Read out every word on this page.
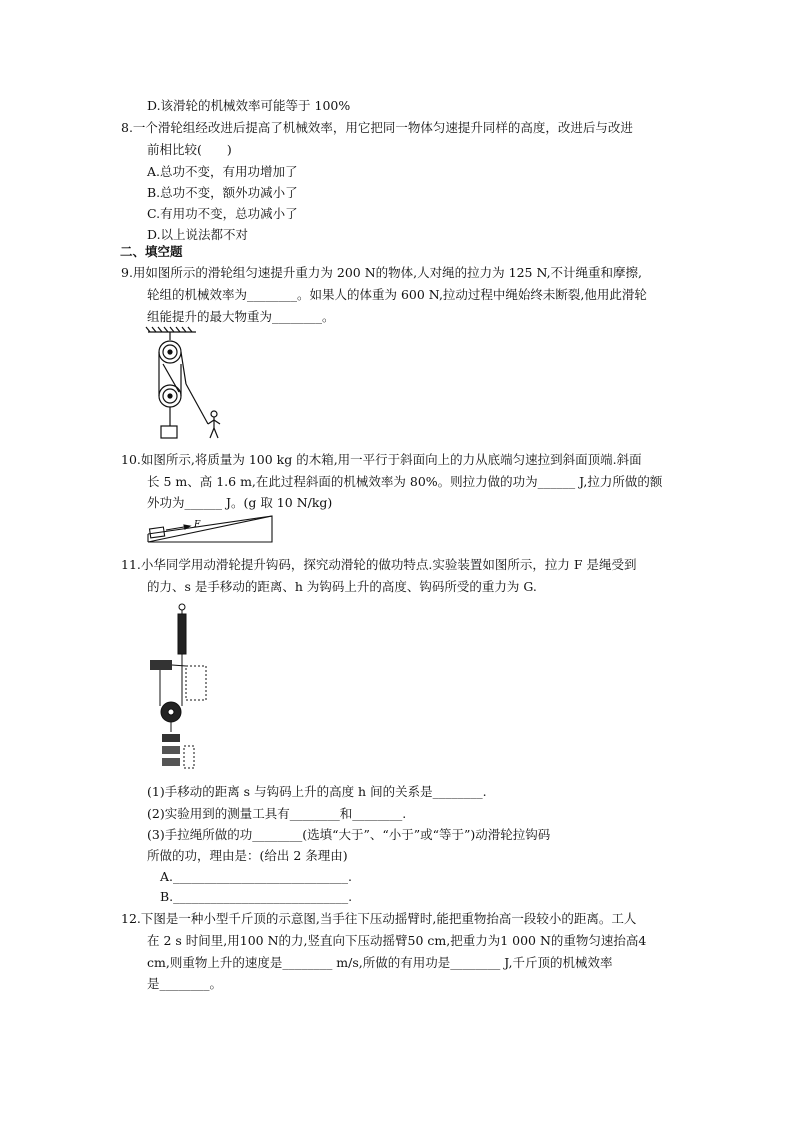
D.该滑轮的机械效率可能等于 100%
8.一个滑轮组经改进后提高了机械效率，用它把同一物体匀速提升同样的高度，改进后与改进
前相比较(　　)
A.总功不变，有用功增加了
B.总功不变，额外功减小了
C.有用功不变，总功减小了
D.以上说法都不对
二、填空题
9.用如图所示的滑轮组匀速提升重力为 200 N的物体,人对绳的拉力为 125 N,不计绳重和摩擦,
轮组的机械效率为________。如果人的体重为 600 N,拉动过程中绳始终未断裂,他用此滑轮
组能提升的最大物重为________。
10.如图所示,将质量为 100 kg 的木箱,用一平行于斜面向上的力从底端匀速拉到斜面顶端.斜面
长 5 m、高 1.6 m,在此过程斜面的机械效率为 80%。则拉力做的功为______ J,拉力所做的额
外功为______ J。(g 取 10 N/kg)
F
11.小华同学用动滑轮提升钩码，探究动滑轮的做功特点.实验装置如图所示，拉力 F 是绳受到
的力、s 是手移动的距离、h 为钩码上升的高度、钩码所受的重力为 G.
(1)手移动的距离 s 与钩码上升的高度 h 间的关系是________.
(2)实验用到的测量工具有________和________.
(3)手拉绳所做的功________(选填“大于”、“小于”或“等于”)动滑轮拉钩码
所做的功，理由是：(给出 2 条理由)
A.____________________________.
B.____________________________.
12.下图是一种小型千斤顶的示意图,当手往下压动摇臂时,能把重物抬高一段较小的距离。工人
在 2 s 时间里,用100 N的力,竖直向下压动摇臂50 cm,把重力为1 000 N的重物匀速抬高4
cm,则重物上升的速度是________ m/s,所做的有用功是________ J,千斤顶的机械效率
是________。
